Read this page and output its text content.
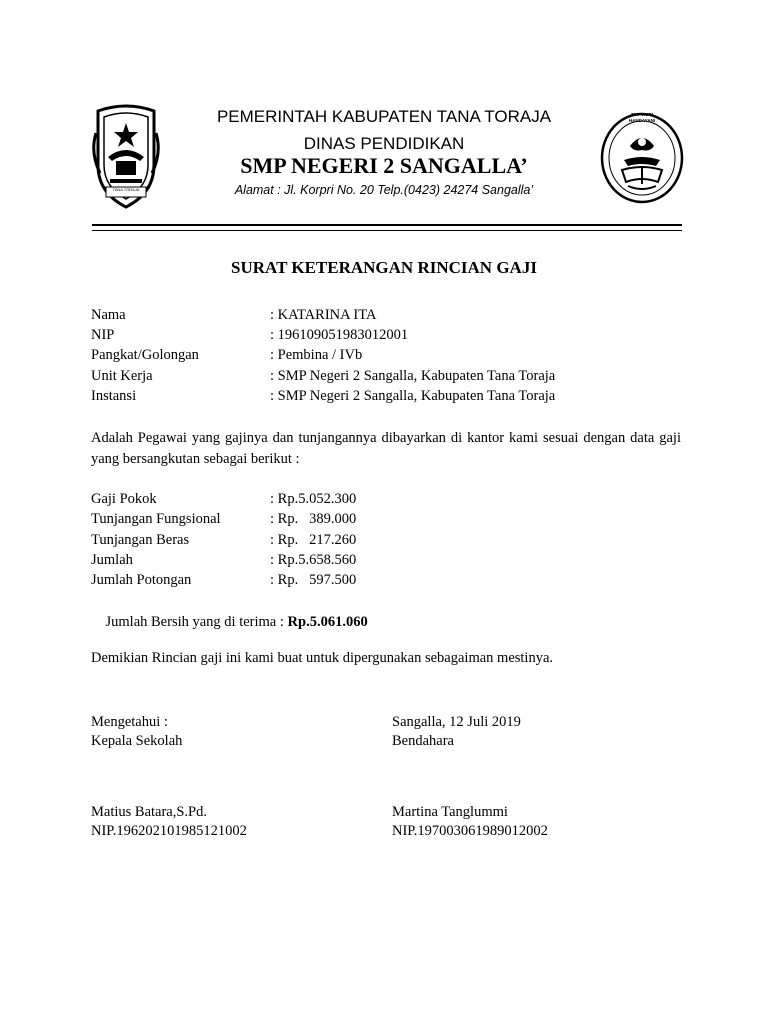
TANA TORAJA
TUT WURI HANDAYANI
PEMERINTAH KABUPATEN TANA TORAJA
DINAS PENDIDIKAN
SMP NEGERI 2 SANGALLA’
Alamat : Jl. Korpri No. 20 Telp.(0423) 24274 Sangalla’
SURAT KETERANGAN RINCIAN GAJI
Nama	: KATARINA ITA
NIP	: 196109051983012001
Pangkat/Golongan	: Pembina / IVb
Unit Kerja	: SMP Negeri 2 Sangalla, Kabupaten Tana Toraja
Instansi	: SMP Negeri 2 Sangalla, Kabupaten Tana Toraja
Adalah Pegawai yang gajinya dan tunjangannya dibayarkan di kantor kami sesuai dengan data gaji yang bersangkutan sebagai berikut :
Gaji Pokok	: Rp.5.052.300
Tunjangan Fungsional	: Rp.   389.000
Tunjangan Beras	: Rp.   217.260
Jumlah	: Rp.5.658.560
Jumlah Potongan	: Rp.   597.500

Jumlah Bersih yang di terima : Rp.5.061.060

Demikian Rincian gaji ini kami buat untuk dipergunakan sebagaiman mestinya.
Mengetahui :
Kepala Sekolah
Matius Batara,S.Pd.
NIP.196202101985121002
Sangalla, 12 Juli 2019
Bendahara
Martina Tanglummi
NIP.197003061989012002
